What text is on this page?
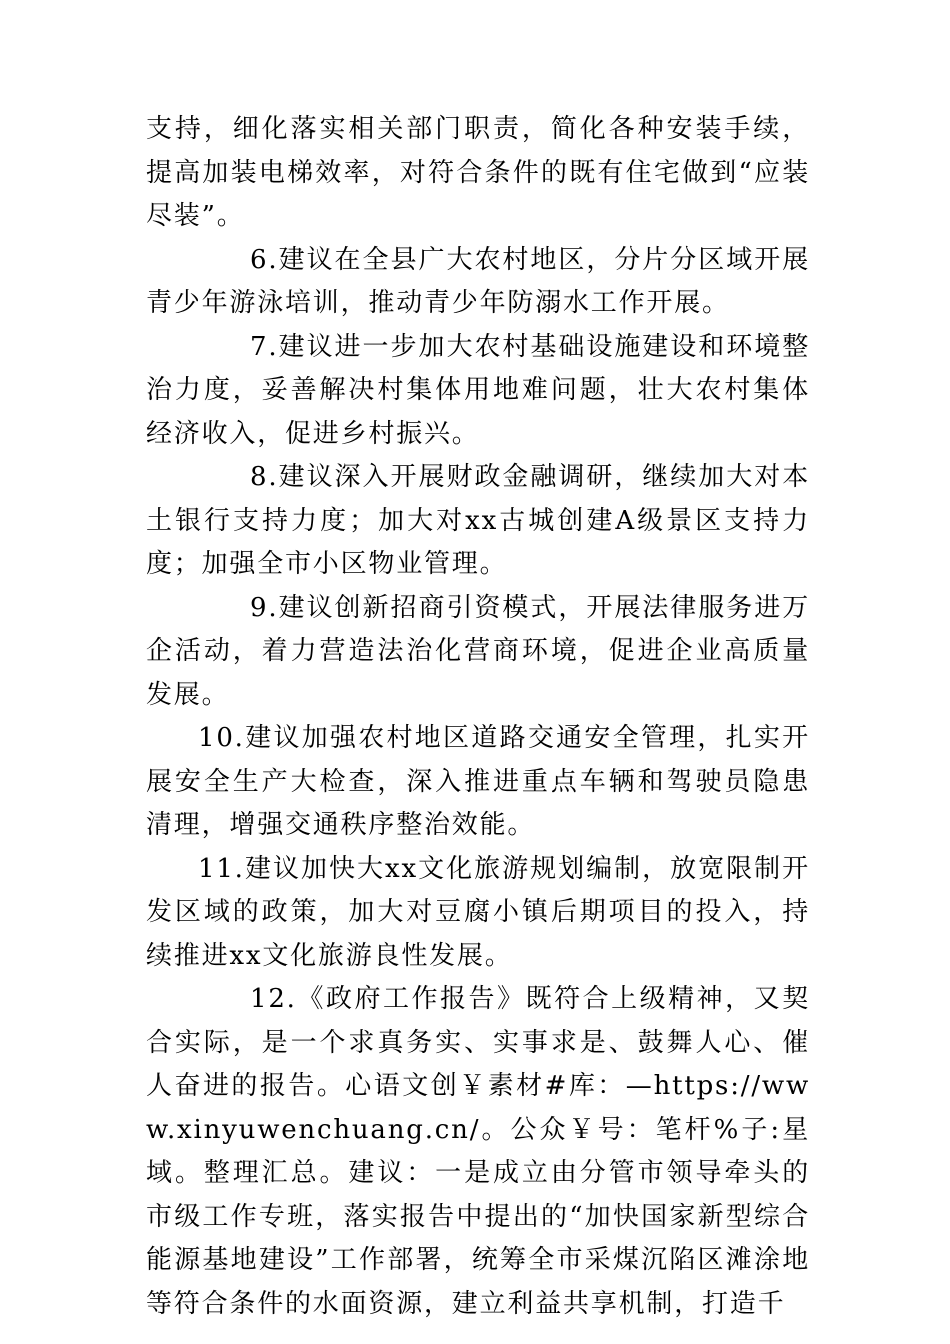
支持，细化落实相关部门职责，简化各种安装手续，提高加装电梯效率，对符合条件的既有住宅做到“应装尽装”。

6.建议在全县广大农村地区，分片分区域开展青少年游泳培训，推动青少年防溺水工作开展。

7.建议进一步加大农村基础设施建设和环境整治力度，妥善解决村集体用地难问题，壮大农村集体经济收入，促进乡村振兴。

8.建议深入开展财政金融调研，继续加大对本土银行支持力度；加大对xx古城创建A级景区支持力度；加强全市小区物业管理。

9.建议创新招商引资模式，开展法律服务进万企活动，着力营造法治化营商环境，促进企业高质量发展。

10.建议加强农村地区道路交通安全管理，扎实开展安全生产大检查，深入推进重点车辆和驾驶员隐患清理，增强交通秩序整治效能。

11.建议加快大xx文化旅游规划编制，放宽限制开发区域的政策，加大对豆腐小镇后期项目的投入，持续推进xx文化旅游良性发展。

12.《政府工作报告》既符合上级精神，又契合实际，是一个求真务实、实事求是、鼓舞人心、催人奋进的报告。心语文创￥素材#库：—https://www.xinyuwenchuang.cn/。公众￥号：笔杆%子:星域。整理汇总。建议：一是成立由分管市领导牵头的市级工作专班，落实报告中提出的“加快国家新型综合能源基地建设”工作部署，统筹全市采煤沉陷区滩涂地等符合条件的水面资源，建立利益共享机制，打造千
